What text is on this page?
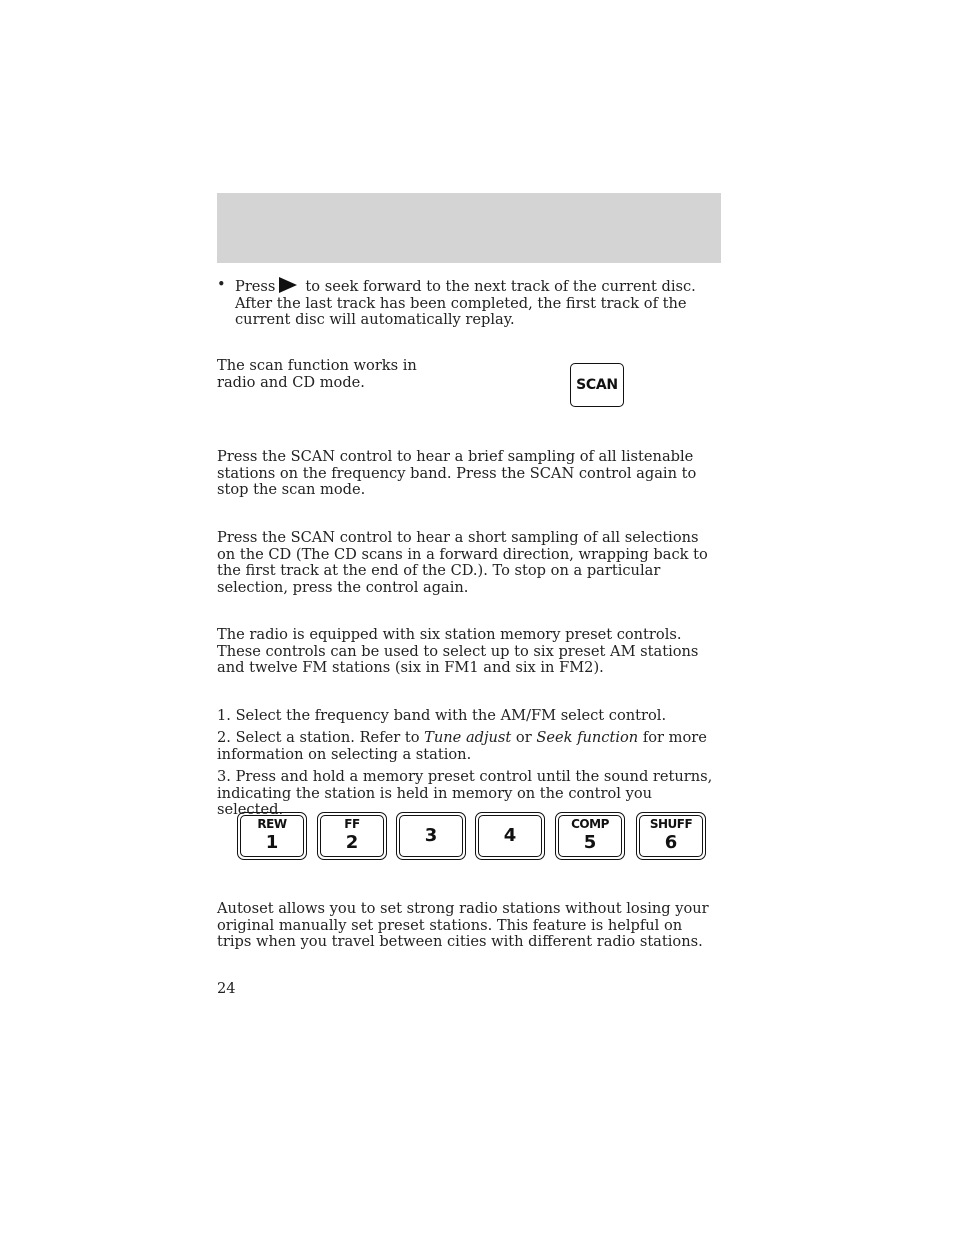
• Press to seek forward to the next track of the current disc. After the last track has been completed, the first track of the current disc will automatically replay.

The scan function works in radio and CD mode.	SCAN

Press the SCAN control to hear a brief sampling of all listenable stations on the frequency band. Press the SCAN control again to stop the scan mode.

Press the SCAN control to hear a short sampling of all selections on the CD (The CD scans in a forward direction, wrapping back to the first track at the end of the CD.). To stop on a particular selection, press the control again.

The radio is equipped with six station memory preset controls. These controls can be used to select up to six preset AM stations and twelve FM stations (six in FM1 and six in FM2).

1. Select the frequency band with the AM/FM select control.

2. Select a station. Refer to Tune adjust or Seek function for more information on selecting a station.

3. Press and hold a memory preset control until the sound returns, indicating the station is held in memory on the control you selected.

REW
1
FF
2	3	4
COMP
5
SHUFF
6

Autoset allows you to set strong radio stations without losing your original manually set preset stations. This feature is helpful on trips when you travel between cities with different radio stations.

24
